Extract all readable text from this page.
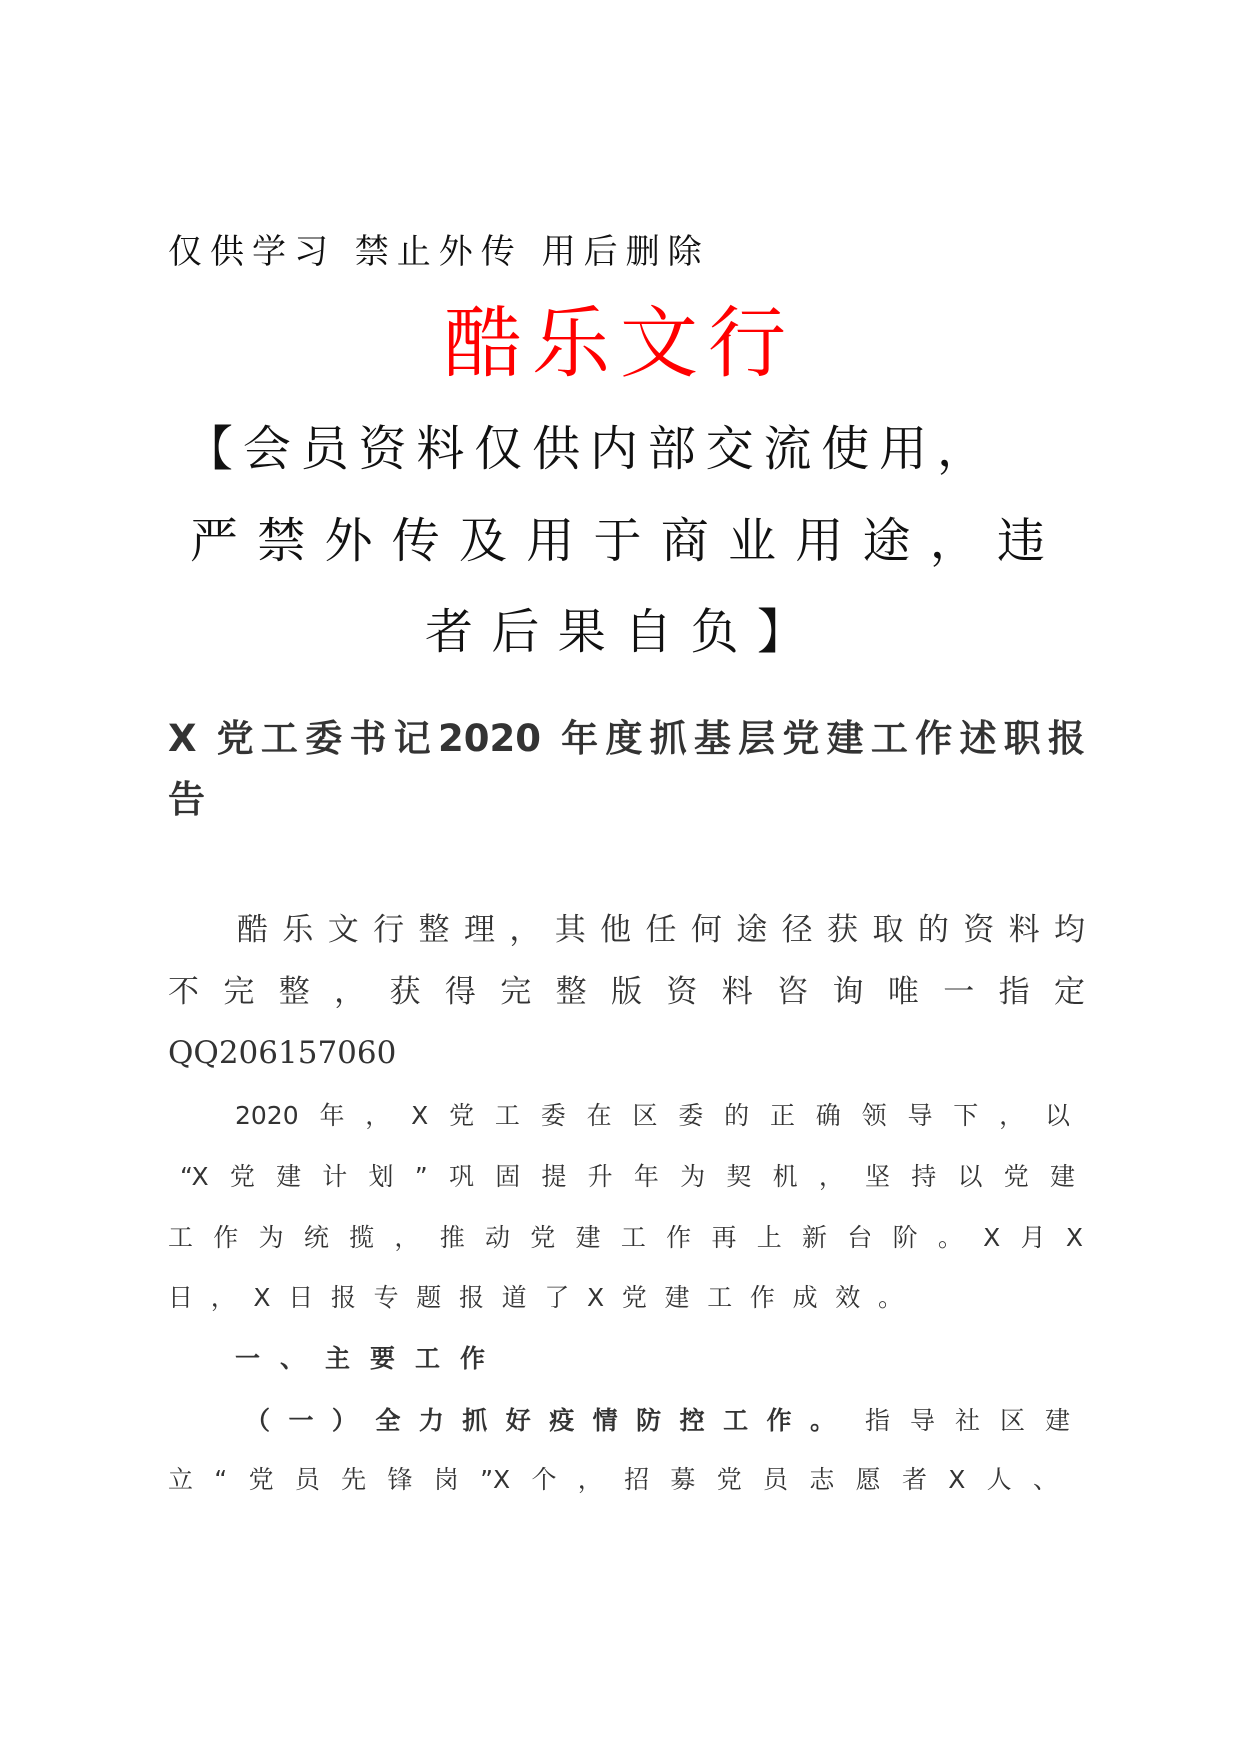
仅供学习 禁止外传 用后删除
酷乐文行
【会员资料仅供内部交流使用，
严禁外传及用于商业用途，违
者后果自负】
X 党工委书记2020 年度抓基层党建工作述职报
告
酷乐文行整理，其他任何途径获取的资料均
不完整，获得完整版资料咨询唯一指定
QQ206157060
2020年，X党工委在区委的正确领导下，以
“X党建计划”巩固提升年为契机，坚持以党建
工作为统揽，推动党建工作再上新台阶。X月X
日，X日报专题报道了X党建工作成效。
一、主要工作
（一）全力抓好疫情防控工作。 指导社区建
立“党员先锋岗”X个，招募党员志愿者X人、
